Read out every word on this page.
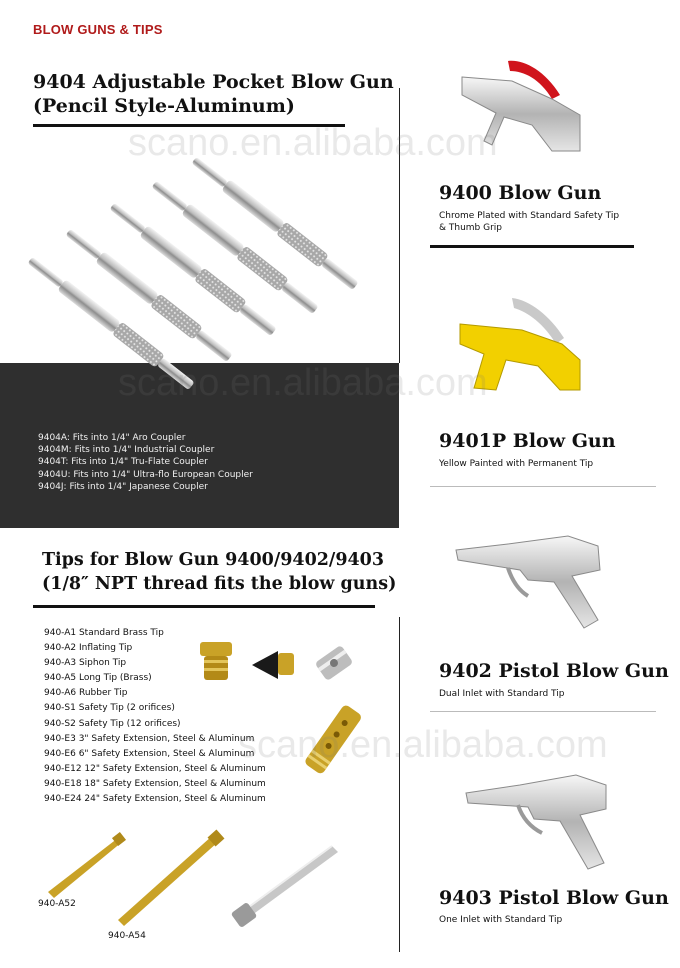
BLOW GUNS & TIPS
9404 Adjustable Pocket Blow Gun
(Pencil Style-Aluminum)
9404A: Fits into 1/4" Aro Coupler
9404M: Fits into 1/4" Industrial Coupler
9404T: Fits into 1/4" Tru-Flate Coupler
9404U: Fits into 1/4" Ultra-flo European Coupler
9404J: Fits into 1/4" Japanese Coupler
Tips for Blow Gun 9400/9402/9403
(1/8″ NPT thread fits the blow guns)
940-A1 Standard Brass Tip
940-A2 Inflating Tip
940-A3 Siphon Tip
940-A5 Long Tip (Brass)
940-A6 Rubber Tip
940-S1 Safety Tip (2 orifices)
940-S2 Safety Tip (12 orifices)
940-E3 3" Safety Extension, Steel & Aluminum
940-E6 6" Safety Extension, Steel & Aluminum
940-E12 12" Safety Extension, Steel & Aluminum
940-E18 18" Safety Extension, Steel & Aluminum
940-E24 24" Safety Extension, Steel & Aluminum
940-A52
940-A54
9400 Blow Gun
Chrome Plated with Standard Safety Tip
& Thumb Grip
9401P Blow Gun
Yellow Painted with Permanent Tip
9402 Pistol Blow Gun
Dual Inlet with Standard Tip
9403 Pistol Blow Gun
One Inlet with Standard Tip
scano.en.alibaba.com
scano.en.alibaba.com
scano.en.alibaba.com
